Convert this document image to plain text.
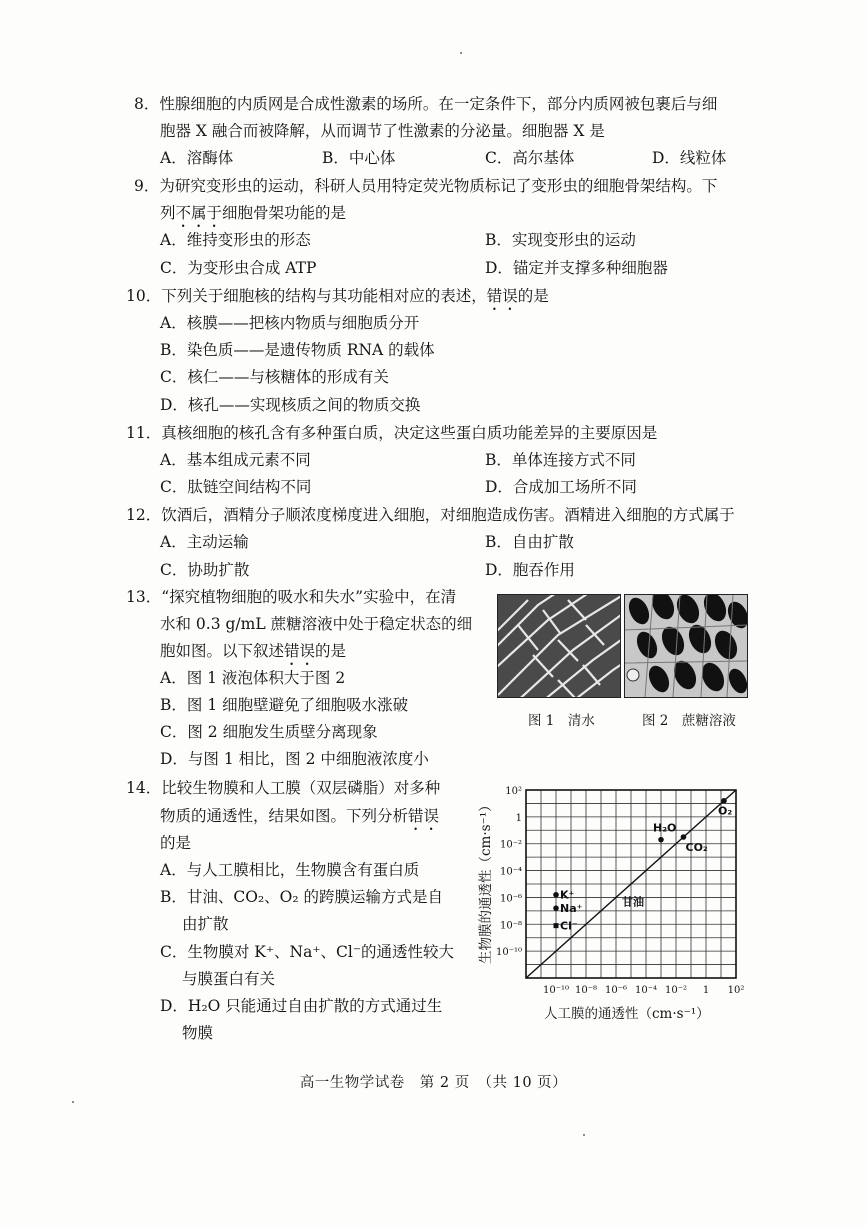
8．性腺细胞的内质网是合成性激素的场所。在一定条件下，部分内质网被包裹后与细
胞器 X 融合而被降解，从而调节了性激素的分泌量。细胞器 X 是
A．溶酶体	B．中心体	C．高尔基体	D．线粒体
9．为研究变形虫的运动，科研人员用特定荧光物质标记了变形虫的细胞骨架结构。下
列不属于细胞骨架功能的是
A．维持变形虫的形态	B．实现变形虫的运动
C．为变形虫合成 ATP	D．锚定并支撑多种细胞器
10．下列关于细胞核的结构与其功能相对应的表述，错误的是
A．核膜——把核内物质与细胞质分开
B．染色质——是遗传物质 RNA 的载体
C．核仁——与核糖体的形成有关
D．核孔——实现核质之间的物质交换
11．真核细胞的核孔含有多种蛋白质，决定这些蛋白质功能差异的主要原因是
A．基本组成元素不同	B．单体连接方式不同
C．肽链空间结构不同	D．合成加工场所不同
12．饮酒后，酒精分子顺浓度梯度进入细胞，对细胞造成伤害。酒精进入细胞的方式属于
A．主动运输	B．自由扩散
C．协助扩散	D．胞吞作用
13．“探究植物细胞的吸水和失水”实验中，在清
水和 0.3 g/mL 蔗糖溶液中处于稳定状态的细
胞如图。以下叙述错误的是
A．图 1 液泡体积大于图 2
B．图 1 细胞壁避免了细胞吸水涨破
C．图 2 细胞发生质壁分离现象
D．与图 1 相比，图 2 中细胞液浓度小
图 1　清水	图 2　蔗糖溶液
14．比较生物膜和人工膜（双层磷脂）对多种
物质的通透性，结果如图。下列分析错误
的是
A．与人工膜相比，生物膜含有蛋白质
B．甘油、CO₂、O₂ 的跨膜运输方式是自
由扩散
C．生物膜对 K⁺、Na⁺、Cl⁻的通透性较大
与膜蛋白有关
D．H₂O 只能通过自由扩散的方式通过生
物膜
10⁻¹⁰ 10⁻⁸ 10⁻⁶ 10⁻⁴ 10⁻² 1 10²
10⁻¹⁰
10⁻⁸
10⁻⁶
10⁻⁴
10⁻²
1
10²
O₂
H₂O
CO₂
甘油
K⁺
Na⁺
Cl⁻
人工膜的通透性（cm·s⁻¹）
生物膜的通透性（cm·s⁻¹）
高一生物学试卷　第 2 页　（共 10 页）
